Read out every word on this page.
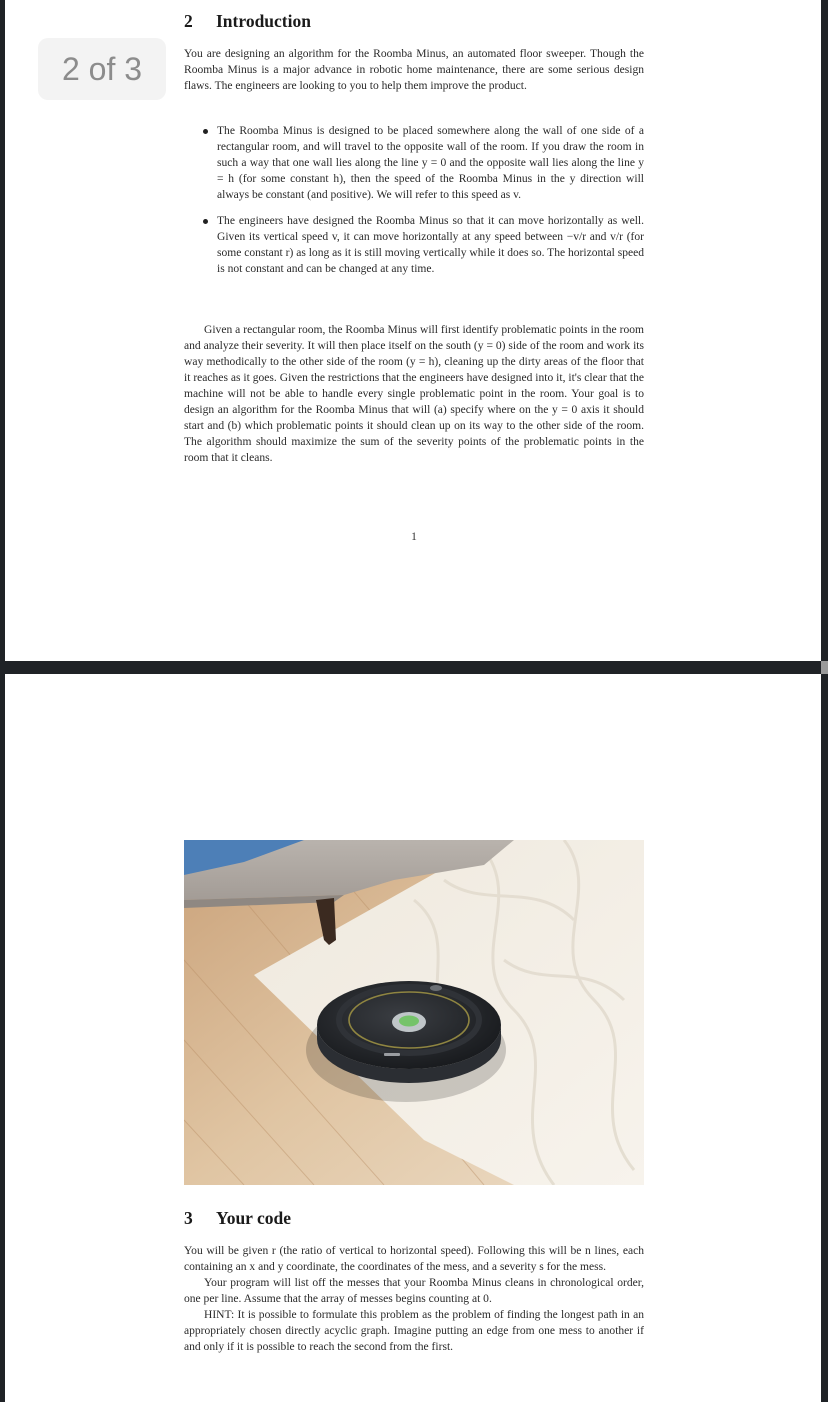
2 of 3
2 Introduction

You are designing an algorithm for the Roomba Minus, an automated floor sweeper. Though the Roomba Minus is a major advance in robotic home maintenance, there are some serious design flaws. The engineers are looking to you to help them improve the product.

The Roomba Minus is designed to be placed somewhere along the wall of one side of a rectangular room, and will travel to the opposite wall of the room. If you draw the room in such a way that one wall lies along the line y = 0 and the opposite wall lies along the line y = h (for some constant h), then the speed of the Roomba Minus in the y direction will always be constant (and positive). We will refer to this speed as v.
The engineers have designed the Roomba Minus so that it can move horizontally as well. Given its vertical speed v, it can move horizontally at any speed between −v/r and v/r (for some constant r) as long as it is still moving vertically while it does so. The horizontal speed is not constant and can be changed at any time.

Given a rectangular room, the Roomba Minus will first identify problematic points in the room and analyze their severity. It will then place itself on the south (y = 0) side of the room and work its way methodically to the other side of the room (y = h), cleaning up the dirty areas of the floor that it reaches as it goes. Given the restrictions that the engineers have designed into it, it's clear that the machine will not be able to handle every single problematic point in the room. Your goal is to design an algorithm for the Roomba Minus that will (a) specify where on the y = 0 axis it should start and (b) which problematic points it should clean up on its way to the other side of the room. The algorithm should maximize the sum of the severity points of the problematic points in the room that it cleans.

1
3 Your code

You will be given r (the ratio of vertical to horizontal speed). Following this will be n lines, each containing an x and y coordinate, the coordinates of the mess, and a severity s for the mess.

Your program will list off the messes that your Roomba Minus cleans in chronological order, one per line. Assume that the array of messes begins counting at 0.

HINT: It is possible to formulate this problem as the problem of finding the longest path in an appropriately chosen directly acyclic graph. Imagine putting an edge from one mess to another if and only if it is possible to reach the second from the first.
